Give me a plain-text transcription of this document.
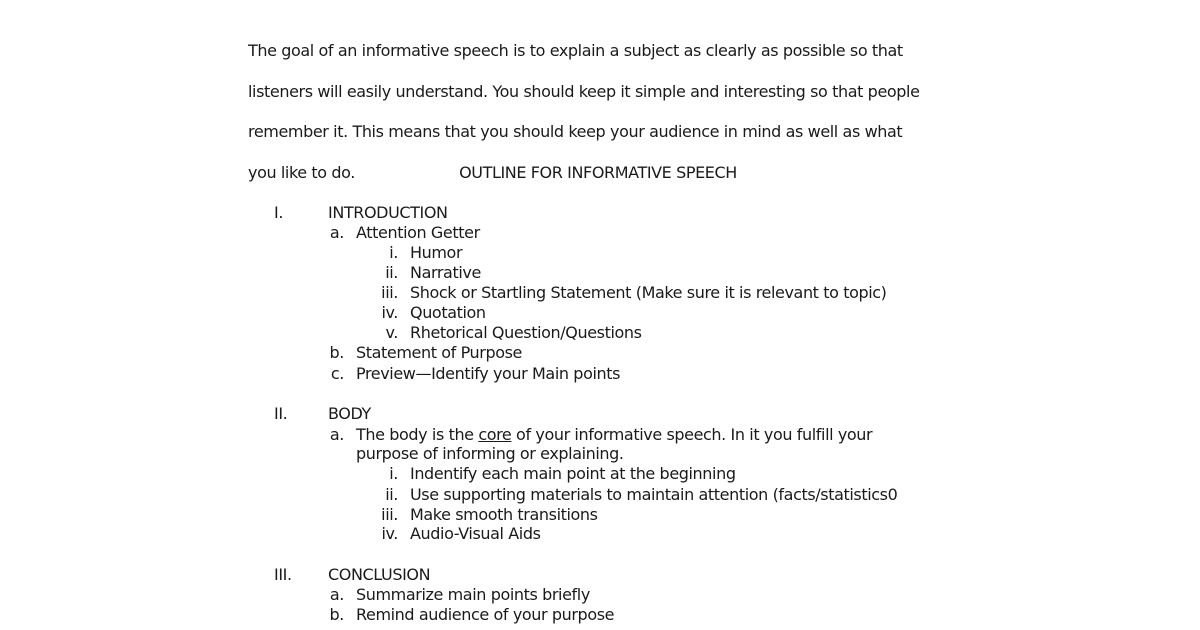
The goal of an informative speech is to explain a subject as clearly as possible so that

listeners will easily understand. You should keep it simple and interesting so that people

remember it. This means that you should keep your audience in mind as well as what

you like to do.	OUTLINE FOR INFORMATIVE SPEECH
I.	INTRODUCTION
a. Attention Getter
i. Humor
ii. Narrative
iii. Shock or Startling Statement (Make sure it is relevant to topic)
iv. Quotation
v. Rhetorical Question/Questions
b. Statement of Purpose
c. Preview—Identify your Main points
II.	BODY
a. The body is the core of your informative speech. In it you fulfill your
purpose of informing or explaining.
i. Indentify each main point at the beginning
ii. Use supporting materials to maintain attention (facts/statistics0
iii. Make smooth transitions
iv. Audio-Visual Aids
III. CONCLUSION
a. Summarize main points briefly
b. Remind audience of your purpose
